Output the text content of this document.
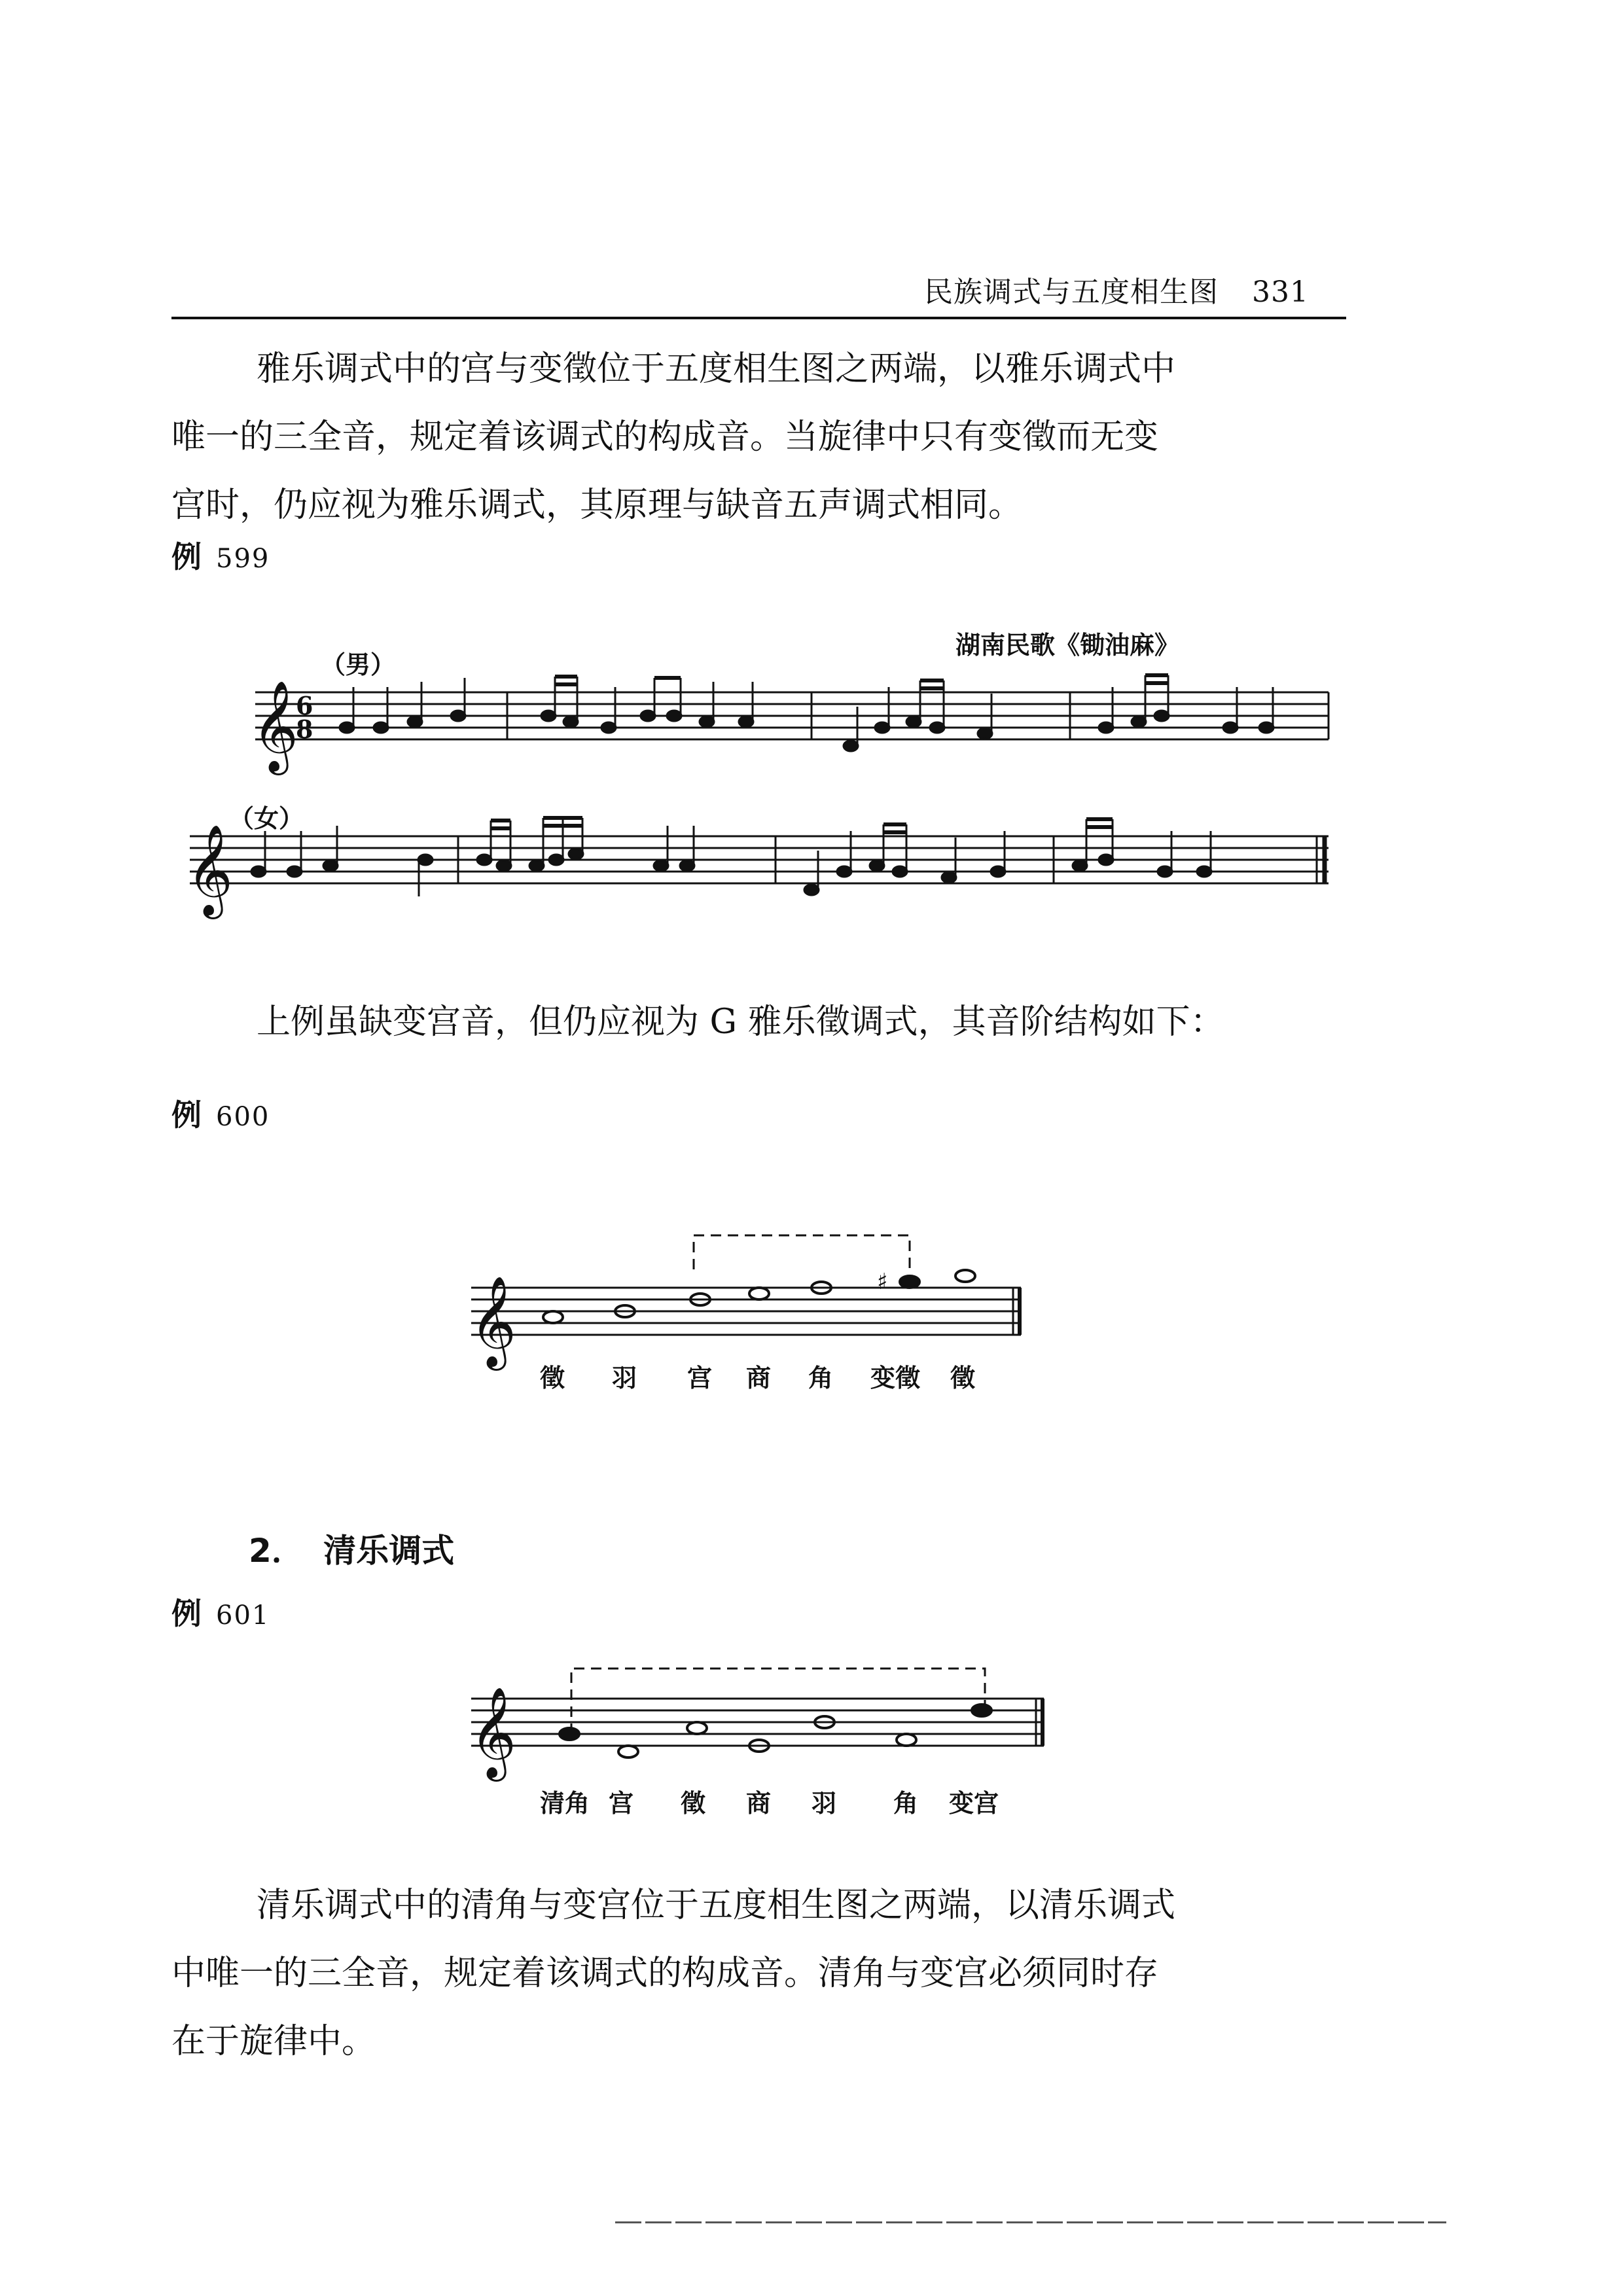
民族调式与五度相生图 331
雅乐调式中的宫与变徵位于五度相生图之两端，以雅乐调式中
唯一的三全音，规定着该调式的构成音。当旋律中只有变徵而无变
宫时，仍应视为雅乐调式，其原理与缺音五声调式相同。
例 599
湖南民歌《锄油麻》
（男）
（女）
𝄞
𝄞
𝄞
𝄞
6
8
♯
上例虽缺变宫音，但仍应视为 G 雅乐徵调式，其音阶结构如下：
例 600
徵 羽 宫 商 角 变徵 徵
2． 清乐调式
例 601
清角 宫 徵 商 羽 角 变宫
清乐调式中的清角与变宫位于五度相生图之两端，以清乐调式
中唯一的三全音，规定着该调式的构成音。清角与变宫必须同时存
在于旋律中。
